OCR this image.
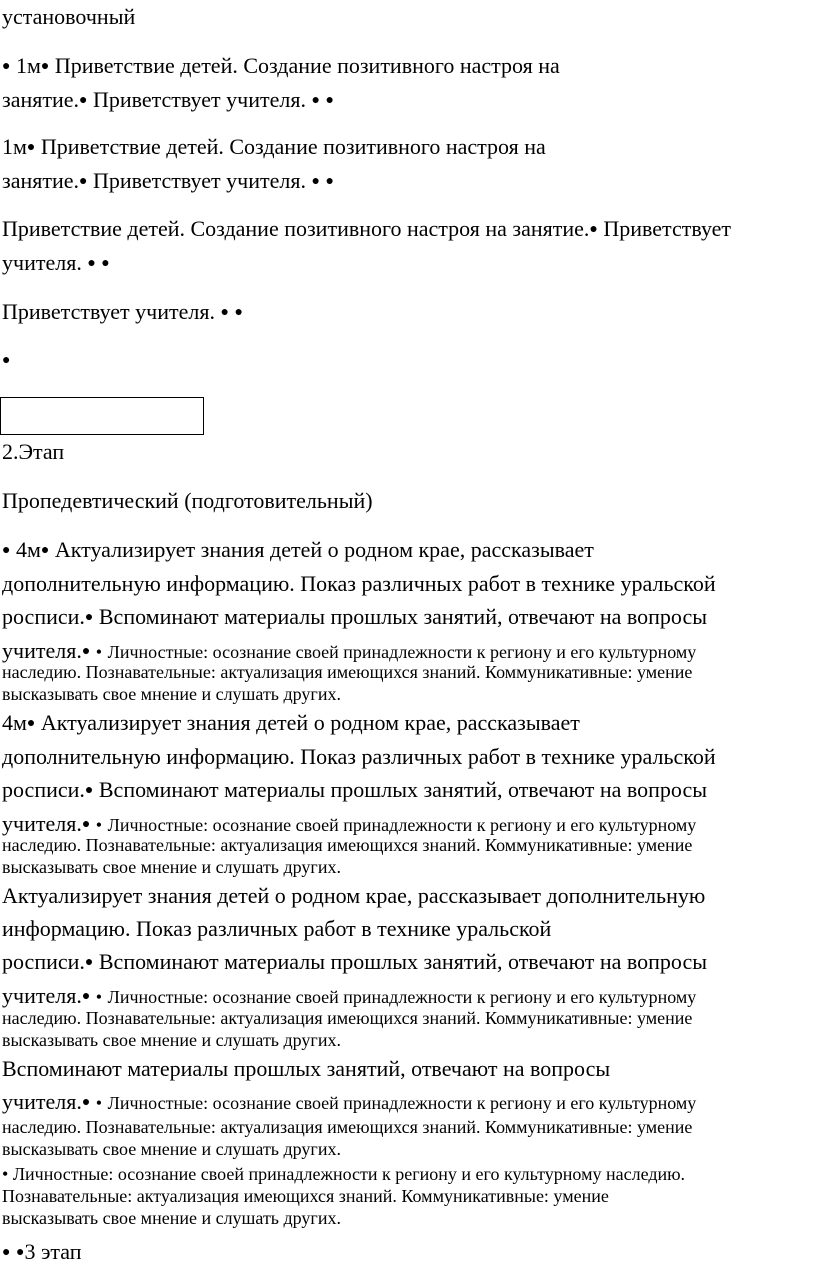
установочный
● 1м● Приветствие детей. Создание позитивного настроя на
занятие.● Приветствует учителя. ● ●
1м● Приветствие детей. Создание позитивного настроя на
занятие.● Приветствует учителя. ● ●
Приветствие детей. Создание позитивного настроя на занятие.● Приветствует
учителя. ● ●
Приветствует учителя. ● ●
●
2.Этап
Пропедевтический (подготовительный)
● 4м● Актуализирует знания детей о родном крае, рассказывает
дополнительную информацию. Показ различных работ в технике уральской
росписи.● Вспоминают материалы прошлых занятий, отвечают на вопросы
учителя.● • Личностные: осознание своей принадлежности к региону и его культурному
наследию. Познавательные: актуализация имеющихся знаний. Коммуникативные: умение
высказывать свое мнение и слушать других.
4м● Актуализирует знания детей о родном крае, рассказывает
дополнительную информацию. Показ различных работ в технике уральской
росписи.● Вспоминают материалы прошлых занятий, отвечают на вопросы
учителя.● • Личностные: осознание своей принадлежности к региону и его культурному
наследию. Познавательные: актуализация имеющихся знаний. Коммуникативные: умение
высказывать свое мнение и слушать других.
Актуализирует знания детей о родном крае, рассказывает дополнительную
информацию. Показ различных работ в технике уральской
росписи.● Вспоминают материалы прошлых занятий, отвечают на вопросы
учителя.● • Личностные: осознание своей принадлежности к региону и его культурному
наследию. Познавательные: актуализация имеющихся знаний. Коммуникативные: умение
высказывать свое мнение и слушать других.
Вспоминают материалы прошлых занятий, отвечают на вопросы
учителя.● • Личностные: осознание своей принадлежности к региону и его культурному
наследию. Познавательные: актуализация имеющихся знаний. Коммуникативные: умение
высказывать свое мнение и слушать других.
• Личностные: осознание своей принадлежности к региону и его культурному наследию.
Познавательные: актуализация имеющихся знаний. Коммуникативные: умение
высказывать свое мнение и слушать других.
● ●3 этап
